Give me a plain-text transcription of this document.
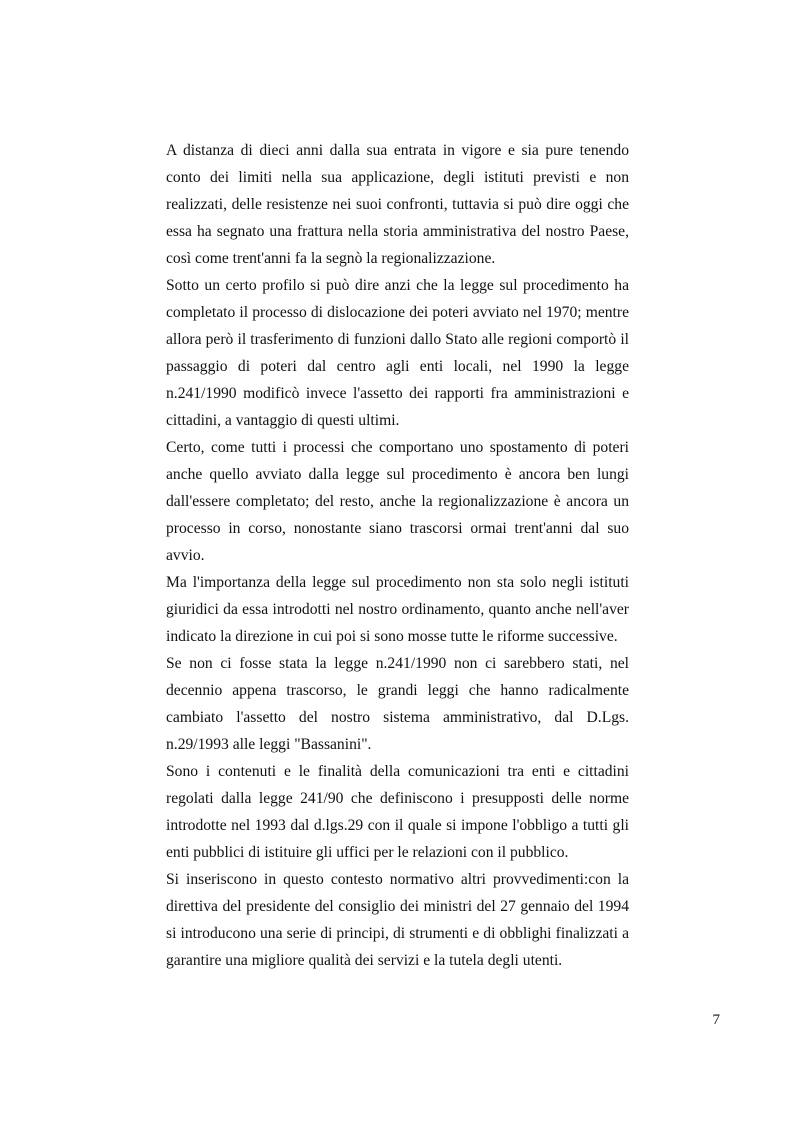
A distanza di dieci anni dalla sua entrata in vigore e sia pure tenendo conto dei limiti nella sua applicazione, degli istituti previsti e non realizzati, delle resistenze nei suoi confronti, tuttavia si può dire oggi che essa ha segnato una frattura nella storia amministrativa del nostro Paese, così come trent'anni fa la segnò la regionalizzazione.

Sotto un certo profilo si può dire anzi che la legge sul procedimento ha completato il processo di dislocazione dei poteri avviato nel 1970; mentre allora però il trasferimento di funzioni dallo Stato alle regioni comportò il passaggio di poteri dal centro agli enti locali, nel 1990 la legge n.241/1990 modificò invece l'assetto dei rapporti fra amministrazioni e cittadini, a vantaggio di questi ultimi.

Certo, come tutti i processi che comportano uno spostamento di poteri anche quello avviato dalla legge sul procedimento è ancora ben lungi dall'essere completato; del resto, anche la regionalizzazione è ancora un processo in corso, nonostante siano trascorsi ormai trent'anni dal suo avvio.

Ma l'importanza della legge sul procedimento non sta solo negli istituti giuridici da essa introdotti nel nostro ordinamento, quanto anche nell'aver indicato la direzione in cui poi si sono mosse tutte le riforme successive.

Se non ci fosse stata la legge n.241/1990 non ci sarebbero stati, nel decennio appena trascorso, le grandi leggi che hanno radicalmente cambiato l'assetto del nostro sistema amministrativo, dal D.Lgs. n.29/1993 alle leggi "Bassanini".

Sono i contenuti e le finalità della comunicazioni tra enti e cittadini regolati dalla legge 241/90 che definiscono i presupposti delle norme introdotte nel 1993 dal d.lgs.29 con il quale si impone l'obbligo a tutti gli enti pubblici di istituire gli uffici per le relazioni con il pubblico.

Si inseriscono in questo contesto normativo altri provvedimenti:con la direttiva del presidente del consiglio dei ministri del 27 gennaio del 1994 si introducono una serie di principi, di strumenti e di obblighi finalizzati a garantire una migliore qualità dei servizi e la tutela degli utenti.

7
